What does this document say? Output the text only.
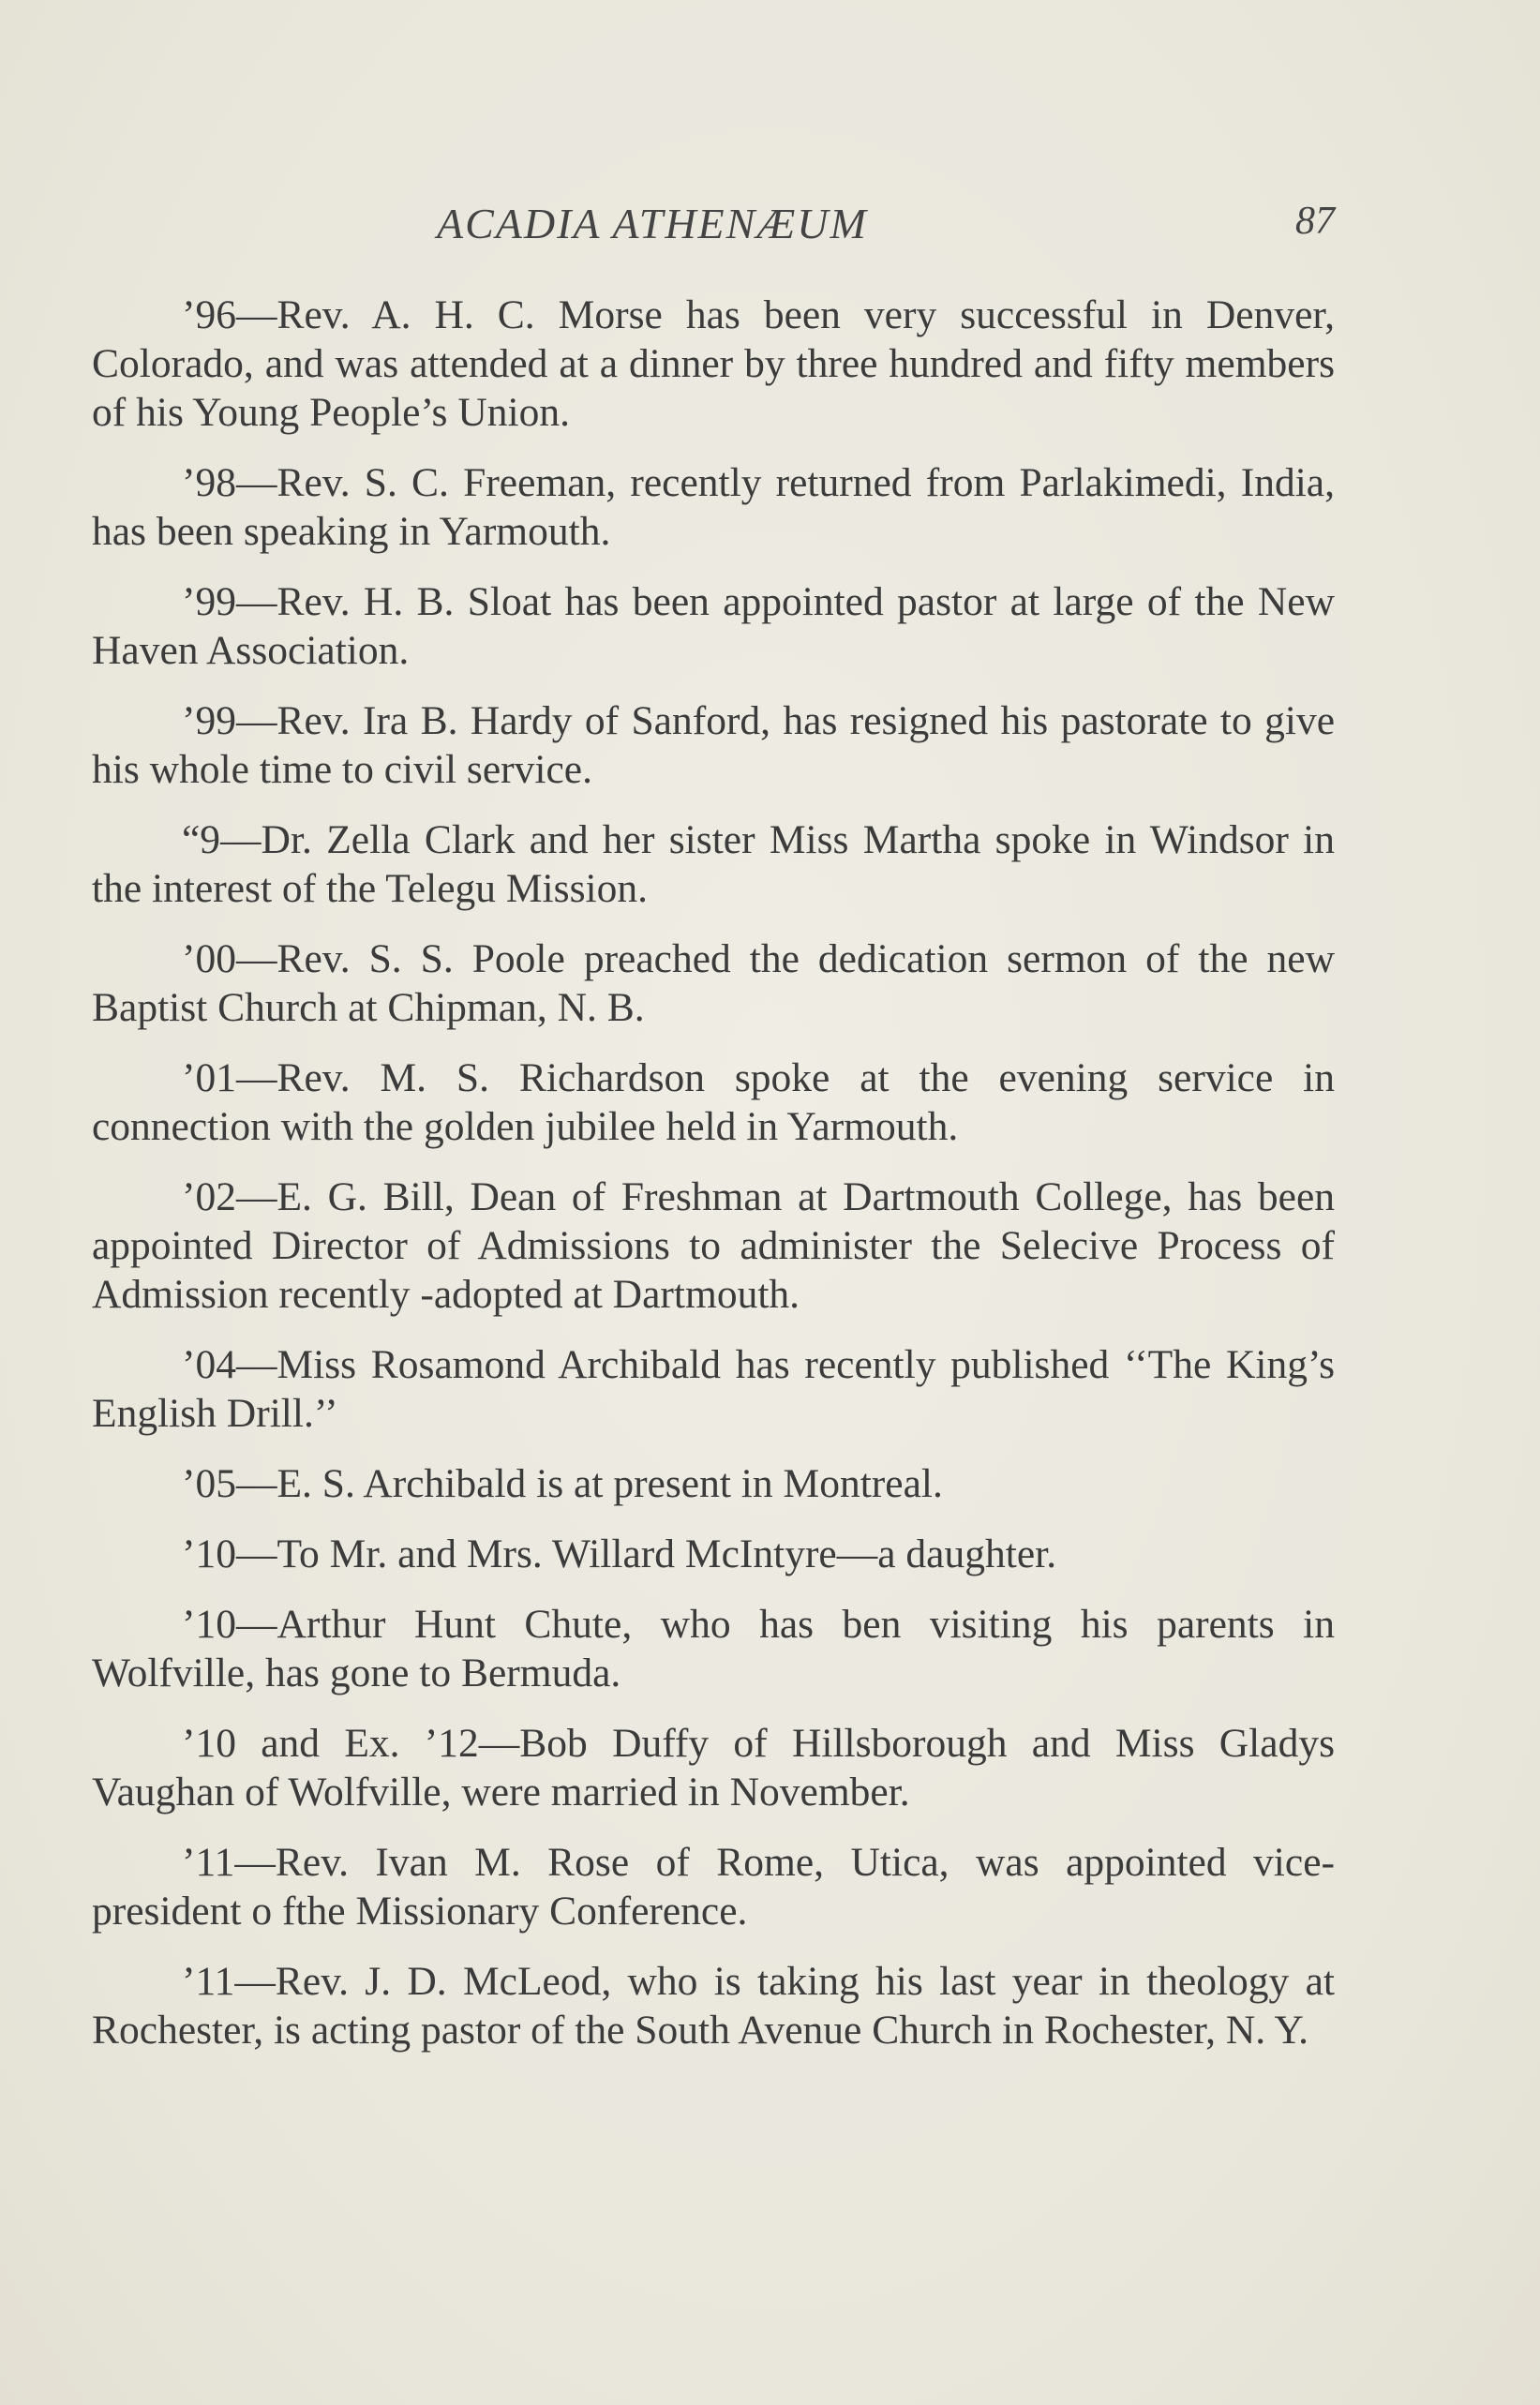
ACADIA ATHENÆUM	87

’96—Rev. A. H. C. Morse has been very successful in Denver, Colorado, and was attended at a dinner by three hundred and fifty members of his Young People’s Union.

’98—Rev. S. C. Freeman, recently returned from Parlakimedi, India, has been speaking in Yarmouth.

’99—Rev. H. B. Sloat has been appointed pastor at large of the New Haven Association.

’99—Rev. Ira B. Hardy of Sanford, has resigned his pastorate to give his whole time to civil service.

“9—Dr. Zella Clark and her sister Miss Martha spoke in Windsor in the interest of the Telegu Mission.

’00—Rev. S. S. Poole preached the dedication sermon of the new Baptist Church at Chipman, N. B.

’01—Rev. M. S. Richardson spoke at the evening service in connection with the golden jubilee held in Yarmouth.

’02—E. G. Bill, Dean of Freshman at Dartmouth College, has been appointed Director of Admissions to administer the Selecive Process of Admission recently -adopted at Dartmouth.

’04—Miss Rosamond Archibald has recently published ‘‘The King’s English Drill.’’

’05—E. S. Archibald is at present in Montreal.

’10—To Mr. and Mrs. Willard McIntyre—a daughter.

’10—Arthur Hunt Chute, who has ben visiting his parents in Wolfville, has gone to Bermuda.

’10 and Ex. ’12—Bob Duffy of Hillsborough and Miss Gladys Vaughan of Wolfville, were married in November.

’11—Rev. Ivan M. Rose of Rome, Utica, was appointed vice-president o fthe Missionary Conference.

’11—Rev. J. D. McLeod, who is taking his last year in theology at Rochester, is acting pastor of the South Avenue Church in Rochester, N. Y.
